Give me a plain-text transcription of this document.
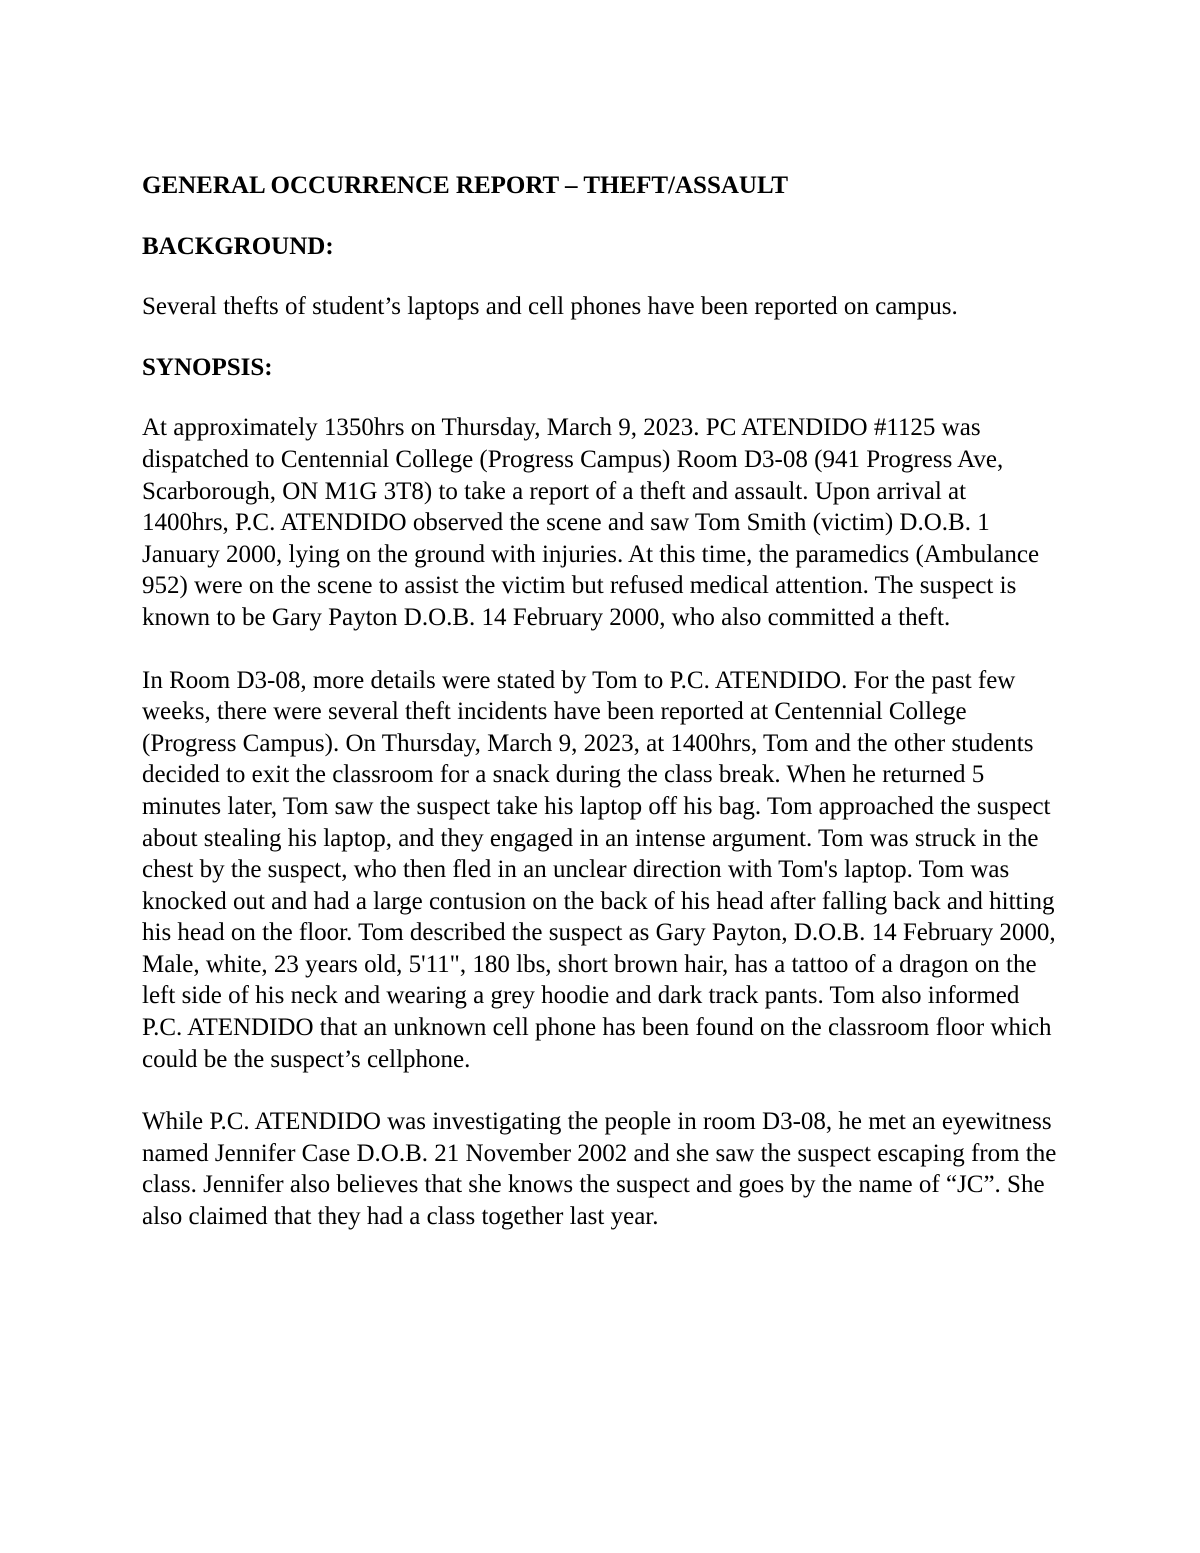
GENERAL OCCURRENCE REPORT – THEFT/ASSAULT

BACKGROUND:

Several thefts of student’s laptops and cell phones have been reported on campus.

SYNOPSIS:

At approximately 1350hrs on Thursday, March 9, 2023. PC ATENDIDO #1125 was dispatched to Centennial College (Progress Campus) Room D3-08 (941 Progress Ave, Scarborough, ON M1G 3T8) to take a report of a theft and assault. Upon arrival at 1400hrs, P.C. ATENDIDO observed the scene and saw Tom Smith (victim) D.O.B. 1 January 2000, lying on the ground with injuries. At this time, the paramedics (Ambulance 952) were on the scene to assist the victim but refused medical attention. The suspect is known to be Gary Payton D.O.B. 14 February 2000, who also committed a theft.

In Room D3-08, more details were stated by Tom to P.C. ATENDIDO. For the past few weeks, there were several theft incidents have been reported at Centennial College (Progress Campus). On Thursday, March 9, 2023, at 1400hrs, Tom and the other students decided to exit the classroom for a snack during the class break. When he returned 5 minutes later, Tom saw the suspect take his laptop off his bag. Tom approached the suspect about stealing his laptop, and they engaged in an intense argument. Tom was struck in the chest by the suspect, who then fled in an unclear direction with Tom's laptop. Tom was knocked out and had a large contusion on the back of his head after falling back and hitting his head on the floor. Tom described the suspect as Gary Payton, D.O.B. 14 February 2000, Male, white, 23 years old, 5'11", 180 lbs, short brown hair, has a tattoo of a dragon on the left side of his neck and wearing a grey hoodie and dark track pants. Tom also informed P.C. ATENDIDO that an unknown cell phone has been found on the classroom floor which could be the suspect’s cellphone.

While P.C. ATENDIDO was investigating the people in room D3-08, he met an eyewitness named Jennifer Case D.O.B. 21 November 2002 and she saw the suspect escaping from the class. Jennifer also believes that she knows the suspect and goes by the name of “JC”. She also claimed that they had a class together last year.
